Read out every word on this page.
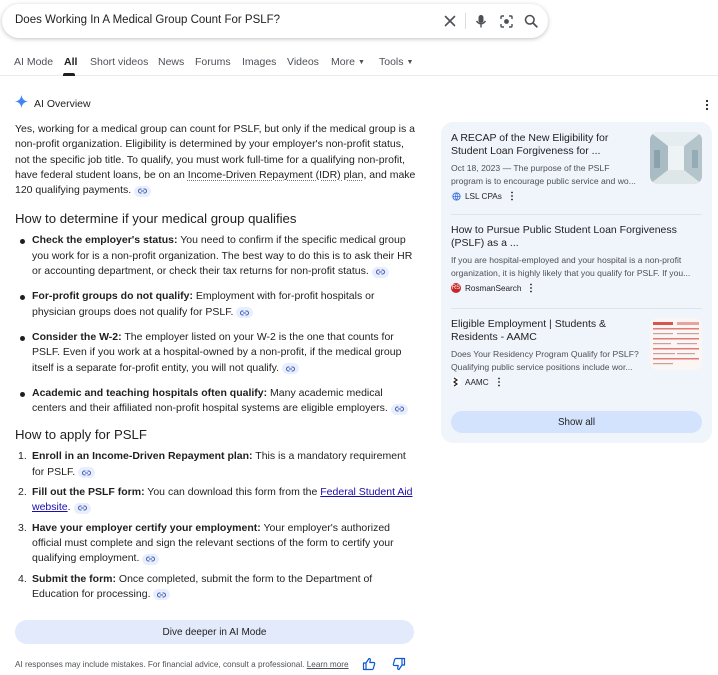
Does Working In A Medical Group Count For PSLF?
AI Mode All Short videos News Forums Images Videos More ▼ Tools ▼
AI Overview

Yes, working for a medical group can count for PSLF, but only if the medical group is a non-profit organization. Eligibility is determined by your employer's non-profit status, not the specific job title. To qualify, you must work full-time for a qualifying non-profit, have federal student loans, be on an Income-Driven Repayment (IDR) plan, and make 120 qualifying payments.

How to determine if your medical group qualifies
Check the employer's status: You need to confirm if the specific medical group you work for is a non-profit organization. The best way to do this is to ask their HR or accounting department, or check their tax returns for non-profit status.
For-profit groups do not qualify: Employment with for-profit hospitals or physician groups does not qualify for PSLF.
Consider the W-2: The employer listed on your W-2 is the one that counts for PSLF. Even if you work at a hospital-owned by a non-profit, if the medical group itself is a separate for-profit entity, you will not qualify.
Academic and teaching hospitals often qualify: Many academic medical centers and their affiliated non-profit hospital systems are eligible employers.
How to apply for PSLF
1. Enroll in an Income-Driven Repayment plan: This is a mandatory requirement for PSLF.
2. Fill out the PSLF form: You can download this form from the Federal Student Aid website.
3. Have your employer certify your employment: Your employer's authorized official must complete and sign the relevant sections of the form to certify your qualifying employment.
4. Submit the form: Once completed, submit the form to the Department of Education for processing.
Dive deeper in AI Mode
AI responses may include mistakes. For financial advice, consult a professional. Learn more
A RECAP of the New Eligibility for Student Loan Forgiveness for ...
Oct 18, 2023 — The purpose of the PSLF program is to encourage public service and wo...
LSL CPAs
How to Pursue Public Student Loan Forgiveness (PSLF) as a ...
If you are hospital-employed and your hospital is a non-profit organization, it is highly likely that you qualify for PSLF. If you...
RS RosmanSearch
Eligible Employment | Students & Residents - AAMC
Does Your Residency Program Qualify for PSLF? Qualifying public service positions include wor...
AAMC
Show all
